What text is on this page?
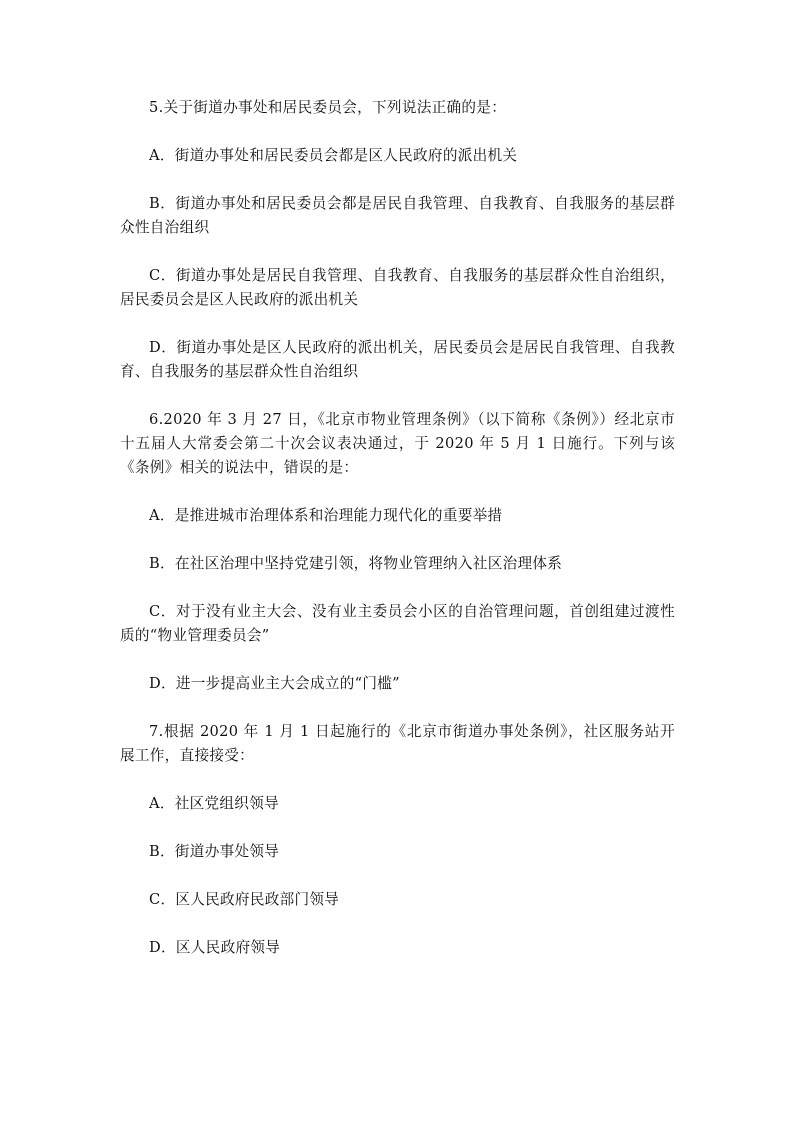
5.关于街道办事处和居民委员会，下列说法正确的是：

A．街道办事处和居民委员会都是区人民政府的派出机关

B．街道办事处和居民委员会都是居民自我管理、自我教育、自我服务的基层群众性自治组织

C．街道办事处是居民自我管理、自我教育、自我服务的基层群众性自治组织，居民委员会是区人民政府的派出机关

D．街道办事处是区人民政府的派出机关，居民委员会是居民自我管理、自我教育、自我服务的基层群众性自治组织

6.2020 年 3 月 27 日，《北京市物业管理条例》（以下简称《条例》）经北京市十五届人大常委会第二十次会议表决通过，于 2020 年 5 月 1 日施行。下列与该《条例》相关的说法中，错误的是：

A．是推进城市治理体系和治理能力现代化的重要举措

B．在社区治理中坚持党建引领，将物业管理纳入社区治理体系

C．对于没有业主大会、没有业主委员会小区的自治管理问题，首创组建过渡性质的“物业管理委员会”

D．进一步提高业主大会成立的“门槛”

7.根据 2020 年 1 月 1 日起施行的《北京市街道办事处条例》，社区服务站开展工作，直接接受：

A．社区党组织领导

B．街道办事处领导

C．区人民政府民政部门领导

D．区人民政府领导
